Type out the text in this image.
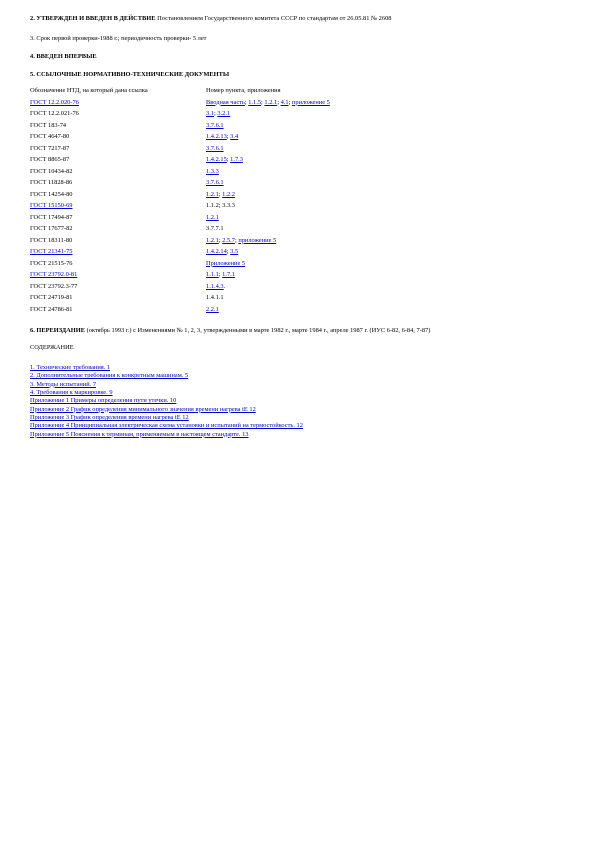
2. УТВЕРЖДЕН И ВВЕДЕН В ДЕЙСТВИЕ Постановлением Государственного комитета СССР по стандартам от 26.05.81 № 2608

3. Срок первой проверки-1988 г.; периодичность проверки- 5 лет

4. ВВЕДЕН ВПЕРВЫЕ

5. ССЫЛОЧНЫЕ НОРМАТИВНО-ТЕХНИЧЕСКИЕ ДОКУМЕНТЫ

Обозначение НТД, на который дана ссылка	Номер пункта, приложения
ГОСТ 12.2.020-76	Вводная часть; 1.1.5; 1.2.1; 4.1; приложение 5
ГОСТ 12.2.021-76	3.1; 3.2.1
ГОСТ 183-74	3.7.6.1
ГОСТ 4647-80	1.4.2.13; 3.4
ГОСТ 7217-87	3.7.6.1
ГОСТ 8865-87	1.4.2.15; 1.7.3
ГОСТ 10434-82	1.3.3
ГОСТ 11828-86	3.7.6.1
ГОСТ 14254-80	1.2.1; 1.2.2
ГОСТ 15150-69	1.1.2; 3.3.3
ГОСТ 17494-87	1.2.1
ГОСТ 17677-82	3.7.7.1
ГОСТ 18311-80	1.2.1; 2.5.7; приложение 5
ГОСТ 21341-75	1.4.2.14; 3.5
ГОСТ 21515-76	Приложение 5
ГОСТ 23792.0-81	1.1.1; 1.7.1
ГОСТ 23792.3-77	1.1.4.3.
ГОСТ 24719-81	1.4.1.1
ГОСТ 24786-81	2.2.1

6. ПЕРЕИЗДАНИЕ (октябрь 1993 г.) с Изменениями № 1, 2, 3, утвержденными в марте 1982 г., марте 1984 г., апреле 1987 г. (ИУС 6-82, 6-84, 7-87)

СОДЕРЖАНИЕ

1. Технические требования. 1
2. Дополнительные требования к конкретным машинам. 5
3. Методы испытаний. 7
4. Требования к маркировке. 9
Приложение 1 Примеры определения пути утечки. 10
Приложение 2 График определения минимального значения времени нагрева tE 12
Приложение 3 График определения времени нагрева tE 12
Приложение 4 Принципиальная электрическая схема установки и испытаний на термостойкость. 12
Приложение 5 Пояснения к терминам, применяемым в настоящем стандарте. 13
